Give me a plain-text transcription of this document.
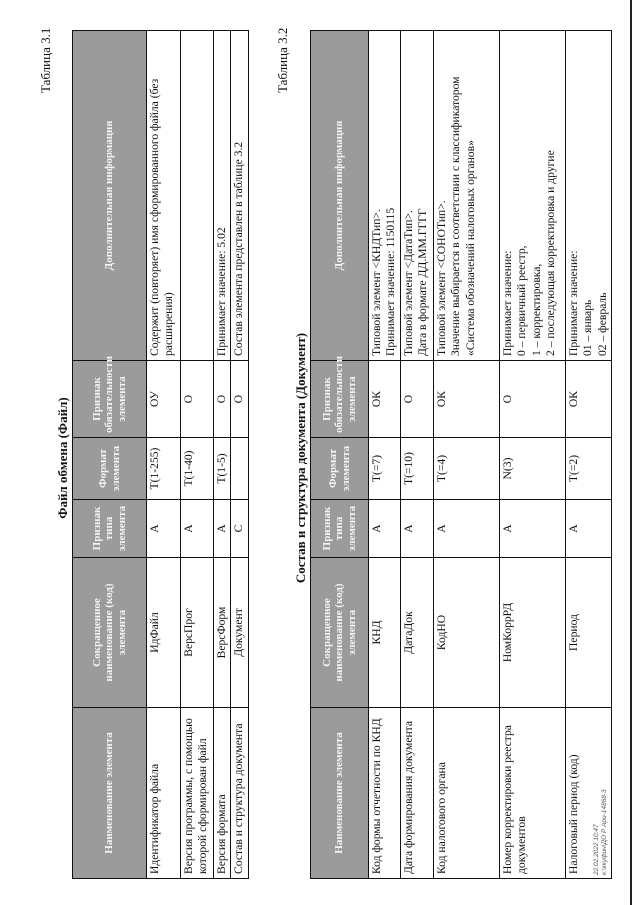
Таблица 3.1
Файл обмена (Файл)
Наименование элемента	Сокращенное наименование (код) элемента	Признак типа элемента	Формат элемента	Признак обязательности элемента	Дополнительная информация
Идентификатор файла	ИдФайл	А	T(1-255)	ОУ	Содержит (повторяет) имя сформированного файла (без расширения)
Версия программы, с помощью которой сформирован файл	ВерсПрог	А	T(1-40)	О	
Версия формата	ВерсФорм	А	T(1-5)	О	Принимает значение: 5.02
Состав и структура документа	Документ	С		О	Состав элемента представлен в таблице 3.2
Таблица 3.2
Состав и структура документа (Документ)
Наименование элемента	Сокращенное наименование (код) элемента	Признак типа элемента	Формат элемента	Признак обязательности элемента	Дополнительная информация
Код формы отчетности по КНД	КНД	А	T(=7)	ОК	Типовой элемент <КНДТип>. Принимает значение: 1150115

Дата формирования документа	ДатаДок	А	T(=10)	О	Типовой элемент <ДатаТип>. Дата в формате ДД.ММ.ГГГГ

Код налогового органа	КодНО	А	T(=4)	ОК	Типовой элемент <СОНОТип>. Значение выбирается в соответствии с классификатором «Система обозначений налоговых органов»

Номер корректировки реестра документов	НомКоррРД	А	N(3)	О	Принимает значение: 0 – первичный реестр, 1 – корректировка, 2 – последующая корректировка и другие

Налоговый период (код)	Период	А	T(=2)	ОК	Принимает значение: 01 – январь 02 – февраль
22.02.2022 10:47 к:\ккуфин\ДО Р Ари-14868-3
